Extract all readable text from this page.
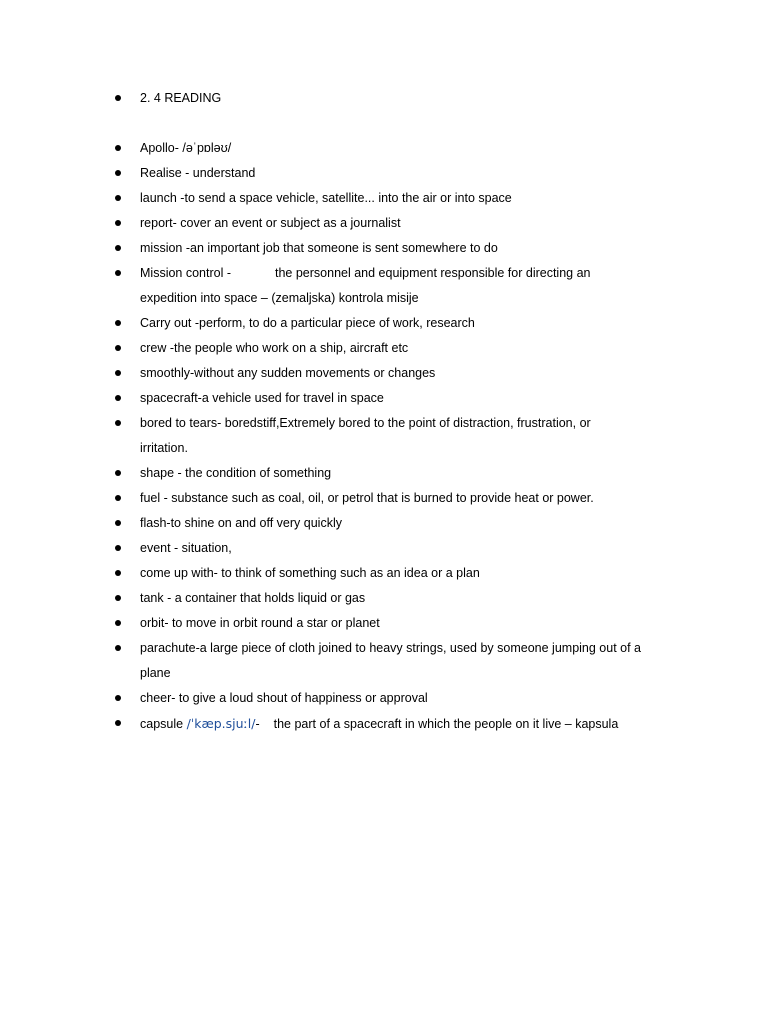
2. 4 READING
Apollo- /əˈpɒləʊ/
Realise - understand
launch -to send a space vehicle, satellite... into the air or into space
report- cover an event or subject as a journalist
mission -an important job that someone is sent somewhere to do
Mission control -	the personnel and equipment responsible for directing an
expedition into space – (zemaljska) kontrola misije
Carry out -perform, to do a particular piece of work, research
crew -the people who work on a ship, aircraft etc
smoothly-without any sudden movements or changes
spacecraft-a vehicle used for travel in space
bored to tears- boredstiff,Extremely bored to the point of distraction, frustration, or
irritation.
shape - the condition of something
fuel - substance such as coal, oil, or petrol that is burned to provide heat or power.
flash-to shine on and off very quickly
event - situation,
come up with- to think of something such as an idea or a plan
tank - a container that holds liquid or gas
orbit- to move in orbit round a star or planet
parachute-a large piece of cloth joined to heavy strings, used by someone jumping out of a
plane
cheer- to give a loud shout of happiness or approval
capsule /ˈkæp.sjuːl/- the part of a spacecraft in which the people on it live – kapsula
